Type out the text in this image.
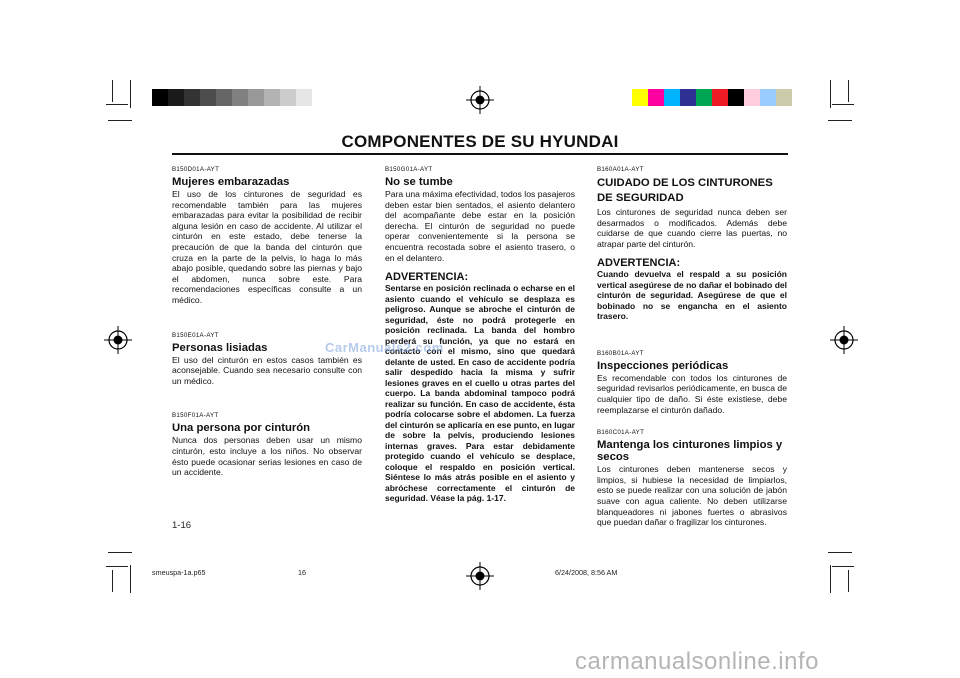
COMPONENTES DE SU HYUNDAI
B150D01A-AYT
Mujeres embarazadas
El uso de los cinturones de seguridad es recomendable también para las mujeres embarazadas para evitar la posibilidad de recibir alguna lesión en caso de accidente. Al utilizar el cinturón en este estado, debe tenerse la precaución de que la banda del cinturón que cruza en la parte de la pelvis, lo haga lo más abajo posible, quedando sobre las piernas y bajo el abdomen, nunca sobre este. Para recomendaciones específicas consulte a un médico.
B150E01A-AYT
Personas lisiadas
El uso del cinturón en estos casos también es aconsejable. Cuando sea necesario consulte con un médico.
B150F01A-AYT
Una persona por cinturón
Nunca dos personas deben usar un mismo cinturón, esto incluye a los niños. No observar ésto puede ocasionar serias lesiones en caso de un accidente.
B150G01A-AYT
No se tumbe
Para una máxima efectividad, todos los pasajeros deben estar bien sentados, el asiento delantero del acompañante debe estar en la posición derecha. El cinturón de seguridad no puede operar convenientemente si la persona se encuentra recostada sobre el asiento trasero, o en el delantero.
ADVERTENCIA:
Sentarse en posición reclinada o echarse en el asiento cuando el vehículo se desplaza es peligroso. Aunque se abroche el cinturón de seguridad, éste no podrá protegerle en posición reclinada. La banda del hombro perderá su función, ya que no estará en contacto con el mismo, sino que quedará delante de usted. En caso de accidente podría salir despedido hacia la misma y sufrir lesiones graves en el cuello u otras partes del cuerpo. La banda abdominal tampoco podrá realizar su función. En caso de accidente, ésta podría colocarse sobre el abdomen. La fuerza del cinturón se aplicaría en ese punto, en lugar de sobre la pelvis, produciendo lesiones internas graves. Para estar debidamente protegido cuando el vehículo se desplace, coloque el respaldo en posición vertical. Siéntese lo más atrás posible en el asiento y abróchese correctamente el cinturón de seguridad. Véase la pág. 1-17.
B160A01A-AYT
CUIDADO DE LOS CINTURONES DE SEGURIDAD
Los cinturones de seguridad nunca deben ser desarmados o modificados. Además debe cuidarse de que cuando cierre las puertas, no atrapar parte del cinturón.
ADVERTENCIA:
Cuando devuelva el respald a su posición vertical asegúrese de no dañar el bobinado del cinturón de seguridad. Asegúrese de que el bobinado no se engancha en el asiento trasero.
B160B01A-AYT
Inspecciones periódicas
Es recomendable con todos los cinturones de seguridad revisarlos periódicamente, en busca de cualquier tipo de daño. Si éste existiese, debe reemplazarse el cinturón dañado.
B160C01A-AYT
Mantenga los cinturones limpios y secos
Los cinturones deben mantenerse secos y limpios, si hubiese la necesidad de limpiarlos, esto se puede realizar con una solución de jabón suave con agua caliente. No deben utilizarse blanqueadores ni jabones fuertes o abrasivos que puedan dañar o fragilizar los cinturones.
1-16
smeuspa-1a.p65	16	6/24/2008, 8:56 AM
CarManuals2.com
carmanualsonline.info
